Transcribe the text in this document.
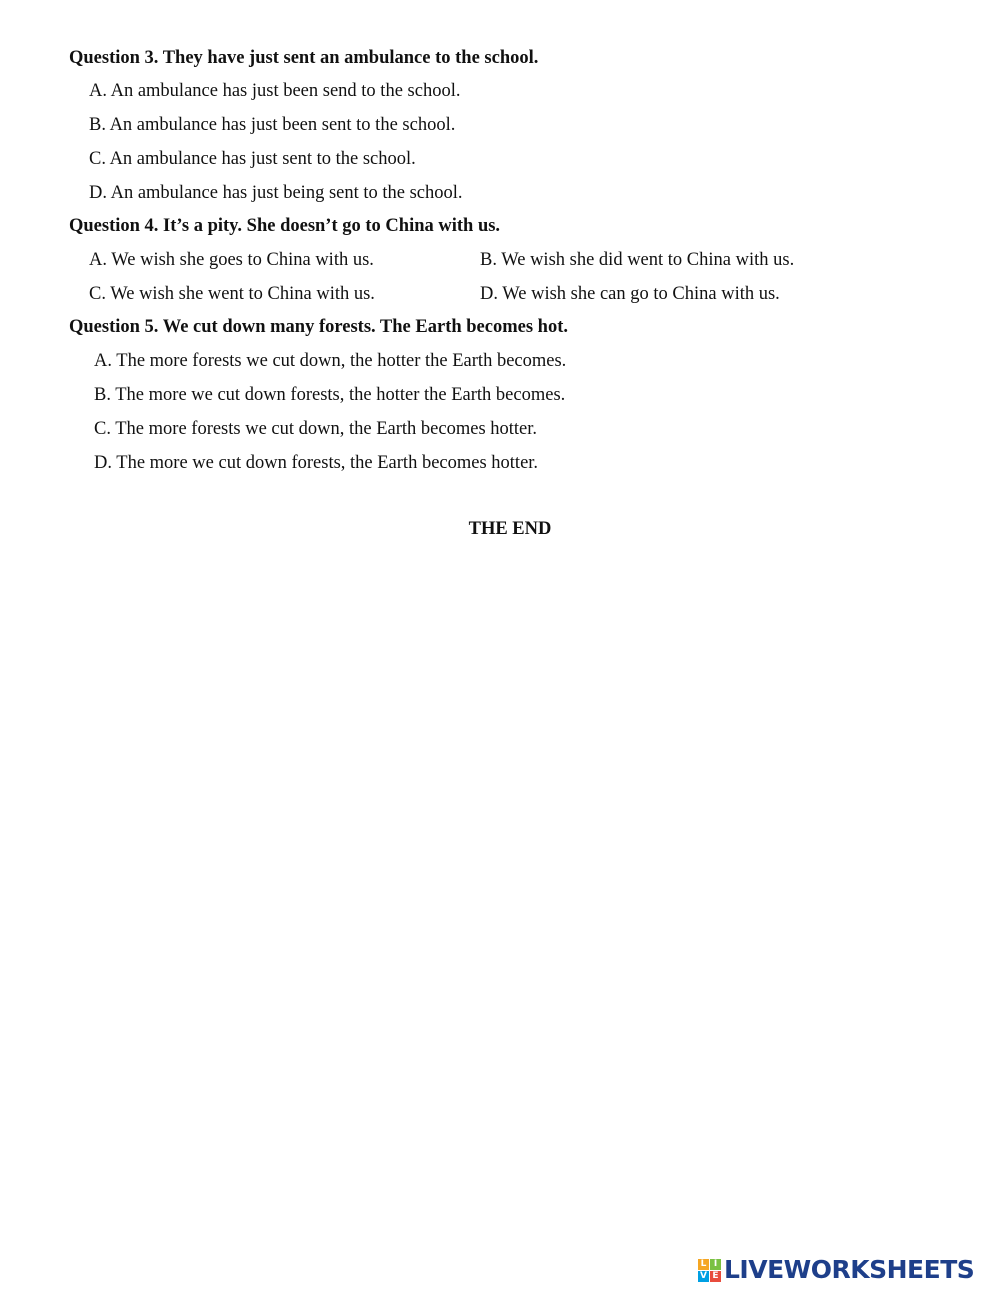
Question 3. They have just sent an ambulance to the school.
A. An ambulance has just been send to the school.
B. An ambulance has just been sent to the school.
C. An ambulance has just sent to the school.
D. An ambulance has just being sent to the school.
Question 4. It’s a pity. She doesn’t go to China with us.
A. We wish she goes to China with us.	B. We wish she did went to China with us.
C. We wish she went to China with us.	D. We wish she can go to China with us.
Question 5. We cut down many forests. The Earth becomes hot.
A. The more forests we cut down, the hotter the Earth becomes.
B. The more we cut down forests, the hotter the Earth becomes.
C. The more forests we cut down, the Earth becomes hotter.
D. The more we cut down forests, the Earth becomes hotter.
THE END
L I
V E LIVEWORKSHEETS
